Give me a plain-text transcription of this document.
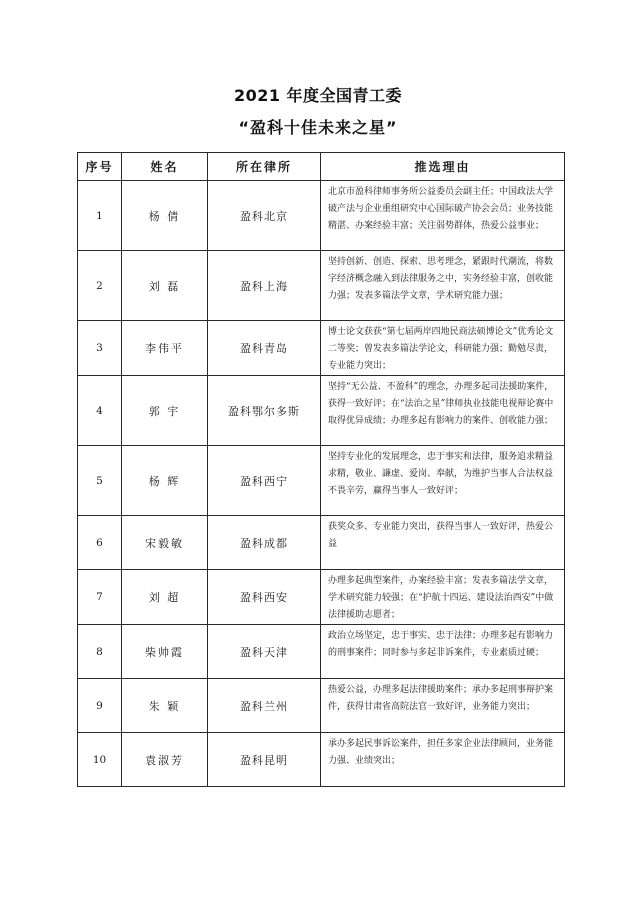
2021 年度全国青工委
“盈科十佳未来之星”
序号	姓名	所在律所	推选理由
1	杨 倩	盈科北京	北京市盈科律师事务所公益委员会副主任；中国政法大学破产法与企业重组研究中心国际破产协会会员；业务技能精湛、办案经验丰富；关注弱势群体，热爱公益事业；
2	刘 磊	盈科上海	坚持创新、创造、探索、思考理念，紧跟时代潮流，将数字经济概念融入到法律服务之中，实务经验丰富，创收能力强；发表多篇法学文章，学术研究能力强；
3	李伟平	盈科青岛	博士论文获获“第七届两岸四地民商法硕博论文”优秀论文二等奖；曾发表多篇法学论文，科研能力强；勤勉尽责，专业能力突出；
4	郭 宇	盈科鄂尔多斯	坚持“无公益、不盈科”的理念，办理多起司法援助案件，获得一致好评；在“法治之星”律师执业技能电视辩论赛中取得优异成绩；办理多起有影响力的案件、创收能力强；
5	杨 辉	盈科西宁	坚持专业化的发展理念，忠于事实和法律，服务追求精益求精，敬业、謙虚、爱岗、奉献，为维护当事人合法权益不畏辛劳，赢得当事人一致好评；
6	宋毅敏	盈科成都	获奖众多、专业能力突出，获得当事人一致好评，热爱公益
7	刘 超	盈科西安	办理多起典型案件，办案经验丰富；发表多篇法学文章，学术研究能力较强；在“护航十四运、建设法治西安”中做法律援助志愿者；
8	柴帅霞	盈科天津	政治立场坚定，忠于事实、忠于法律；办理多起有影响力的刑事案件；同时参与多起非诉案件，专业素质过硬；
9	朱 颖	盈科兰州	热爱公益，办理多起法律援助案件；承办多起刑事辩护案件，获得甘肃省高院法官一致好评，业务能力突出；
10	袁淑芳	盈科昆明	承办多起民事诉讼案件，担任多家企业法律顾问，业务能力强、业绩突出；
